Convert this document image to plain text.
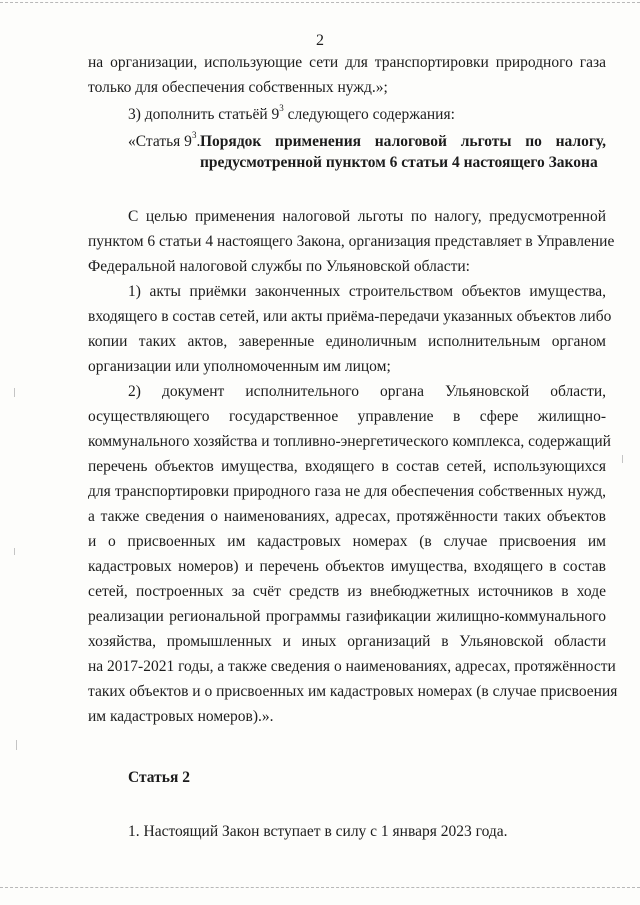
2
на организации, использующие сети для транспортировки природного газа
только для обеспечения собственных нужд.»;
3) дополнить статьёй $9^3$ следующего содержания:
«Статья $9^3$. Порядок применения налоговой льготы по налогу,
предусмотренной пунктом 6 статьи 4 настоящего Закона
С целью применения налоговой льготы по налогу, предусмотренной
пунктом 6 статьи 4 настоящего Закона, организация представляет в Управление
Федеральной налоговой службы по Ульяновской области:
1) акты приёмки законченных строительством объектов имущества,
входящего в состав сетей, или акты приёма-передачи указанных объектов либо
копии таких актов, заверенные единоличным исполнительным органом
организации или уполномоченным им лицом;
2) документ исполнительного органа Ульяновской области,
осуществляющего государственное управление в сфере жилищно-
коммунального хозяйства и топливно-энергетического комплекса, содержащий
перечень объектов имущества, входящего в состав сетей, использующихся
для транспортировки природного газа не для обеспечения собственных нужд,
а также сведения о наименованиях, адресах, протяжённости таких объектов
и о присвоенных им кадастровых номерах (в случае присвоения им
кадастровых номеров) и перечень объектов имущества, входящего в состав
сетей, построенных за счёт средств из внебюджетных источников в ходе
реализации региональной программы газификации жилищно-коммунального
хозяйства, промышленных и иных организаций в Ульяновской области
на 2017-2021 годы, а также сведения о наименованиях, адресах, протяжённости
таких объектов и о присвоенных им кадастровых номерах (в случае присвоения
им кадастровых номеров).».
Статья 2
1. Настоящий Закон вступает в силу с 1 января 2023 года.
